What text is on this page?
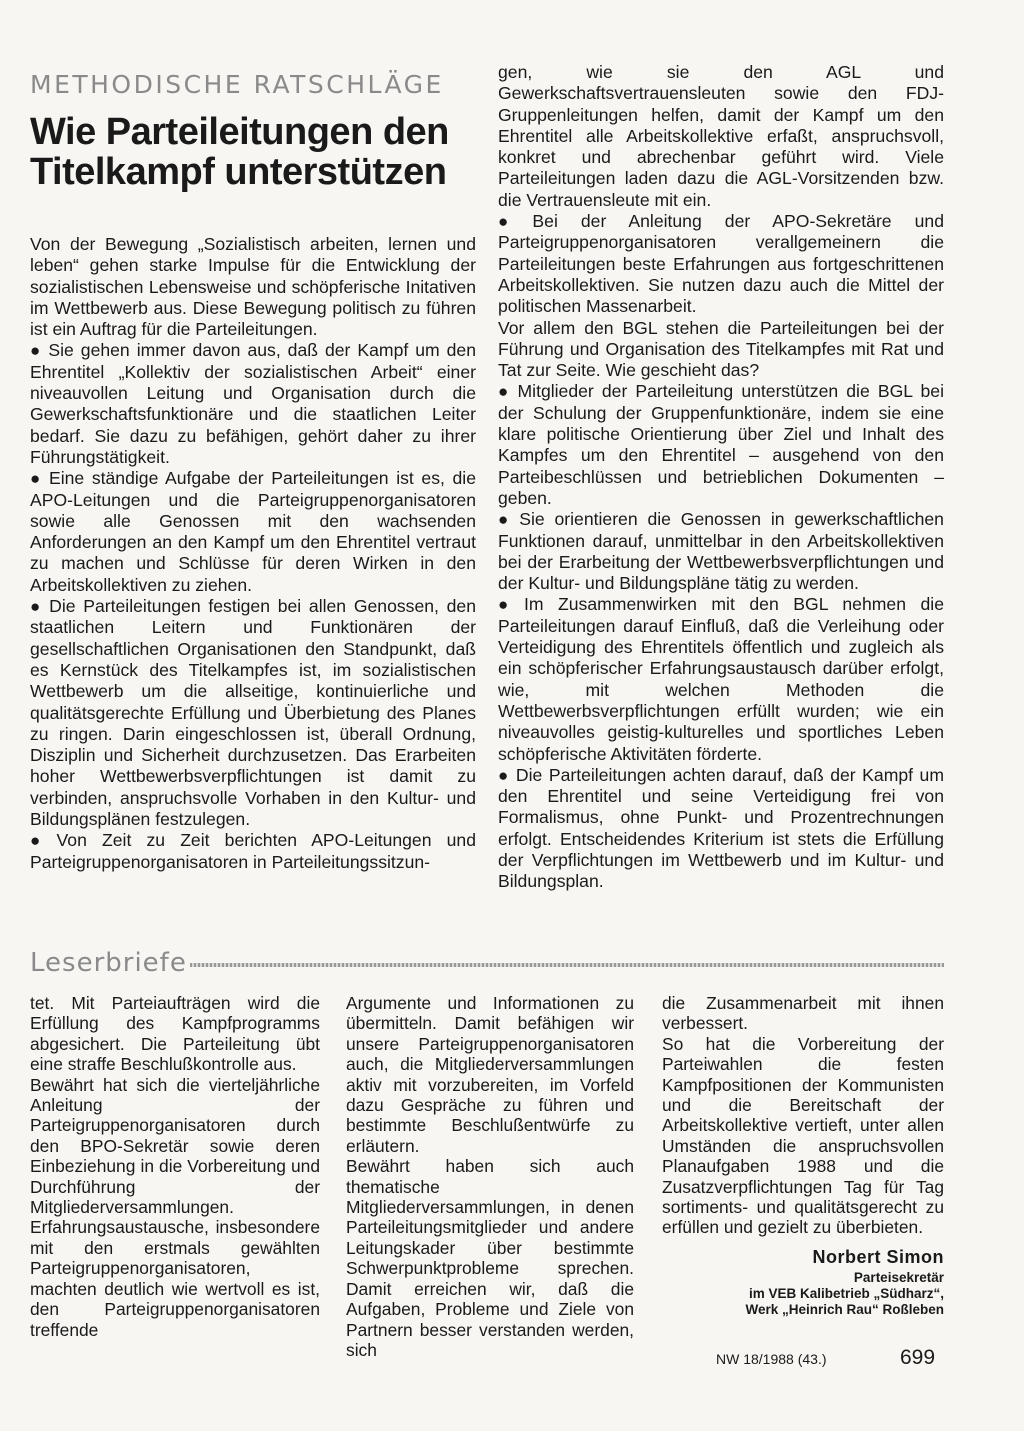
METHODISCHE RATSCHLÄGE
Wie Parteileitungen den Titelkampf unterstützen

Von der Bewegung „Sozialistisch arbeiten, lernen und leben“ gehen starke Impulse für die Entwicklung der sozialistischen Lebensweise und schöpferische Initativen im Wettbewerb aus. Diese Bewegung politisch zu führen ist ein Auftrag für die Parteileitungen.

● Sie gehen immer davon aus, daß der Kampf um den Ehrentitel „Kollektiv der sozialistischen Arbeit“ einer niveauvollen Leitung und Organisation durch die Gewerkschaftsfunktionäre und die staatlichen Leiter bedarf. Sie dazu zu befähigen, gehört daher zu ihrer Führungstätigkeit.

● Eine ständige Aufgabe der Parteileitungen ist es, die APO-Leitungen und die Parteigruppenorganisatoren sowie alle Genossen mit den wachsenden Anforderungen an den Kampf um den Ehrentitel vertraut zu machen und Schlüsse für deren Wirken in den Arbeitskollektiven zu ziehen.

● Die Parteileitungen festigen bei allen Genossen, den staatlichen Leitern und Funktionären der gesellschaftlichen Organisationen den Standpunkt, daß es Kernstück des Titelkampfes ist, im sozialistischen Wettbewerb um die allseitige, kontinuierliche und qualitätsgerechte Erfüllung und Überbietung des Planes zu ringen. Darin eingeschlossen ist, überall Ordnung, Disziplin und Sicherheit durchzusetzen. Das Erarbeiten hoher Wettbewerbsverpflichtungen ist damit zu verbinden, anspruchsvolle Vorhaben in den Kultur- und Bildungsplänen festzulegen.

● Von Zeit zu Zeit berichten APO-Leitungen und Parteigruppenorganisatoren in Parteileitungssitzun-

gen, wie sie den AGL und Gewerkschaftsvertrauensleuten sowie den FDJ-Gruppenleitungen helfen, damit der Kampf um den Ehrentitel alle Arbeitskollektive erfaßt, anspruchsvoll, konkret und abrechenbar geführt wird. Viele Parteileitungen laden dazu die AGL-Vorsitzenden bzw. die Vertrauensleute mit ein.

● Bei der Anleitung der APO-Sekretäre und Parteigruppenorganisatoren verallgemeinern die Parteileitungen beste Erfahrungen aus fortgeschrittenen Arbeitskollektiven. Sie nutzen dazu auch die Mittel der politischen Massenarbeit.

Vor allem den BGL stehen die Parteileitungen bei der Führung und Organisation des Titelkampfes mit Rat und Tat zur Seite. Wie geschieht das?

● Mitglieder der Parteileitung unterstützen die BGL bei der Schulung der Gruppenfunktionäre, indem sie eine klare politische Orientierung über Ziel und Inhalt des Kampfes um den Ehrentitel – ausgehend von den Parteibeschlüssen und betrieblichen Dokumenten – geben.

● Sie orientieren die Genossen in gewerkschaftlichen Funktionen darauf, unmittelbar in den Arbeitskollektiven bei der Erarbeitung der Wettbewerbsverpflichtungen und der Kultur- und Bildungspläne tätig zu werden.

● Im Zusammenwirken mit den BGL nehmen die Parteileitungen darauf Einfluß, daß die Verleihung oder Verteidigung des Ehrentitels öffentlich und zugleich als ein schöpferischer Erfahrungsaustausch darüber erfolgt, wie, mit welchen Methoden die Wettbewerbsverpflichtungen erfüllt wurden; wie ein niveauvolles geistig-kulturelles und sportliches Leben schöpferische Aktivitäten förderte.

● Die Parteileitungen achten darauf, daß der Kampf um den Ehrentitel und seine Verteidigung frei von Formalismus, ohne Punkt- und Prozentrechnungen erfolgt. Entscheidendes Kriterium ist stets die Erfüllung der Verpflichtungen im Wettbewerb und im Kultur- und Bildungsplan.

Leserbriefe

tet. Mit Parteiaufträgen wird die Erfüllung des Kampfprogramms abgesichert. Die Parteileitung übt eine straffe Beschlußkontrolle aus.

Bewährt hat sich die vierteljährliche Anleitung der Parteigruppenorganisatoren durch den BPO-Sekretär sowie deren Einbeziehung in die Vorbereitung und Durchführung der Mitgliederversammlungen. Erfahrungsaustausche, insbesondere mit den erstmals gewählten Parteigruppenorganisatoren, machten deutlich wie wertvoll es ist, den Parteigruppenorganisatoren treffende

Argumente und Informationen zu übermitteln. Damit befähigen wir unsere Parteigruppenorganisatoren auch, die Mitgliederversammlungen aktiv mit vorzubereiten, im Vorfeld dazu Gespräche zu führen und bestimmte Beschlußentwürfe zu erläutern.

Bewährt haben sich auch thematische Mitgliederversammlungen, in denen Parteileitungsmitglieder und andere Leitungskader über bestimmte Schwerpunktprobleme sprechen. Damit erreichen wir, daß die Aufgaben, Probleme und Ziele von Partnern besser verstanden werden, sich

die Zusammenarbeit mit ihnen verbessert.

So hat die Vorbereitung der Parteiwahlen die festen Kampfpositionen der Kommunisten und die Bereitschaft der Arbeitskollektive vertieft, unter allen Umständen die anspruchsvollen Planaufgaben 1988 und die Zusatzverpflichtungen Tag für Tag sortiments- und qualitätsgerecht zu erfüllen und gezielt zu überbieten.

Norbert Simon
Parteisekretär
im VEB Kalibetrieb „Südharz“,
Werk „Heinrich Rau“ Roßleben
NW 18/1988 (43.)	699
